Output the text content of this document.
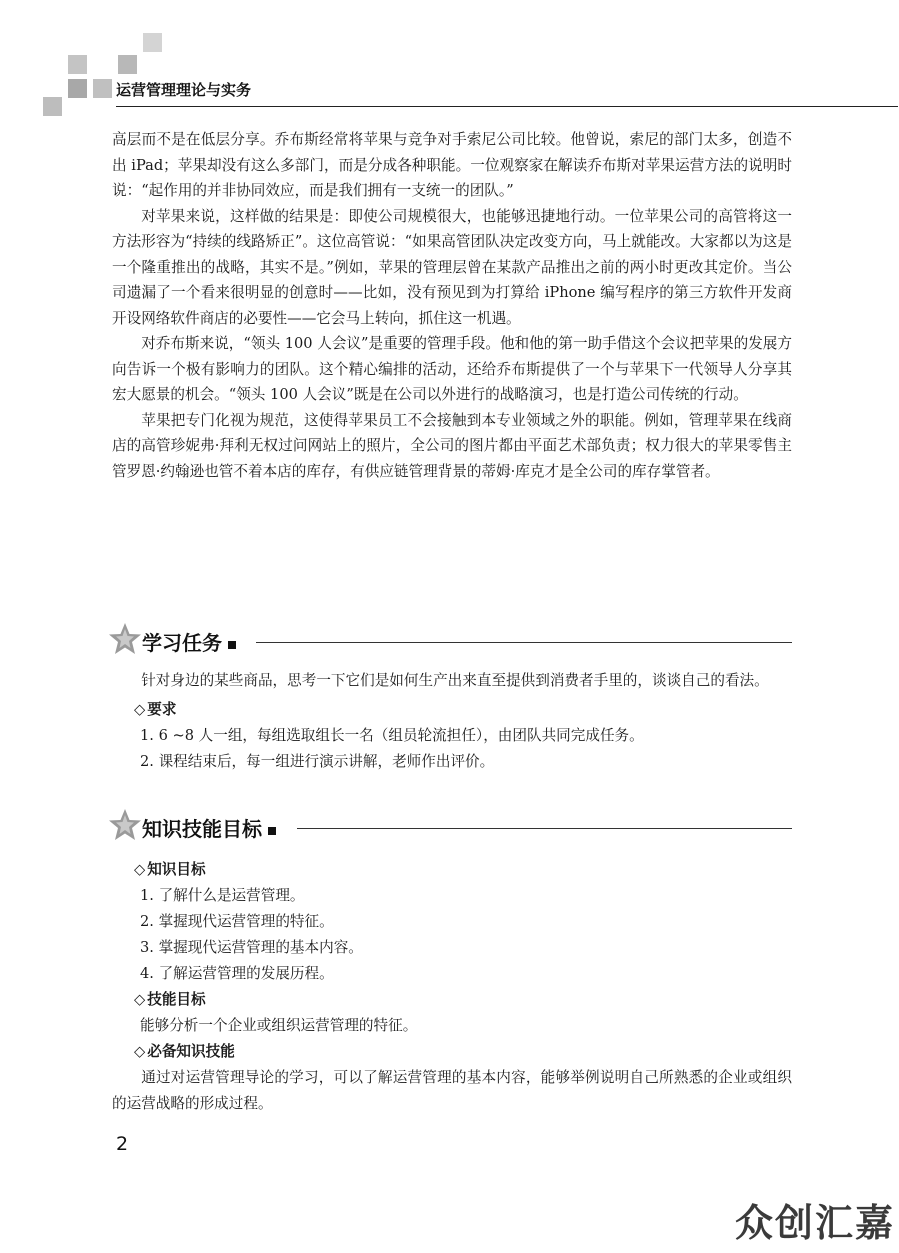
运营管理理论与实务

高层而不是在低层分享。乔布斯经常将苹果与竞争对手索尼公司比较。他曾说，索尼的部门太多，创造不出 iPad；苹果却没有这么多部门，而是分成各种职能。一位观察家在解读乔布斯对苹果运营方法的说明时说：“起作用的并非协同效应，而是我们拥有一支统一的团队。”

对苹果来说，这样做的结果是：即使公司规模很大，也能够迅捷地行动。一位苹果公司的高管将这一方法形容为“持续的线路矫正”。这位高管说：“如果高管团队决定改变方向，马上就能改。大家都以为这是一个隆重推出的战略，其实不是。”例如，苹果的管理层曾在某款产品推出之前的两小时更改其定价。当公司遗漏了一个看来很明显的创意时——比如，没有预见到为打算给 iPhone 编写程序的第三方软件开发商开设网络软件商店的必要性——它会马上转向，抓住这一机遇。

对乔布斯来说，“领头 100 人会议”是重要的管理手段。他和他的第一助手借这个会议把苹果的发展方向告诉一个极有影响力的团队。这个精心编排的活动，还给乔布斯提供了一个与苹果下一代领导人分享其宏大愿景的机会。“领头 100 人会议”既是在公司以外进行的战略演习，也是打造公司传统的行动。

苹果把专门化视为规范，这使得苹果员工不会接触到本专业领域之外的职能。例如，管理苹果在线商店的高管珍妮弗·拜利无权过问网站上的照片，全公司的图片都由平面艺术部负责；权力很大的苹果零售主管罗恩·约翰逊也管不着本店的库存，有供应链管理背景的蒂姆·库克才是全公司的库存掌管者。

学习任务

针对身边的某些商品，思考一下它们是如何生产出来直至提供到消费者手里的，谈谈自己的看法。

◇ 要求

1. 6 ~8 人一组，每组选取组长一名（组员轮流担任），由团队共同完成任务。

2. 课程结束后，每一组进行演示讲解，老师作出评价。

知识技能目标

◇ 知识目标

1. 了解什么是运营管理。

2. 掌握现代运营管理的特征。

3. 掌握现代运营管理的基本内容。

4. 了解运营管理的发展历程。

◇ 技能目标

能够分析一个企业或组织运营管理的特征。

◇ 必备知识技能

通过对运营管理导论的学习，可以了解运营管理的基本内容，能够举例说明自己所熟悉的企业或组织的运营战略的形成过程。

2
众创汇嘉
